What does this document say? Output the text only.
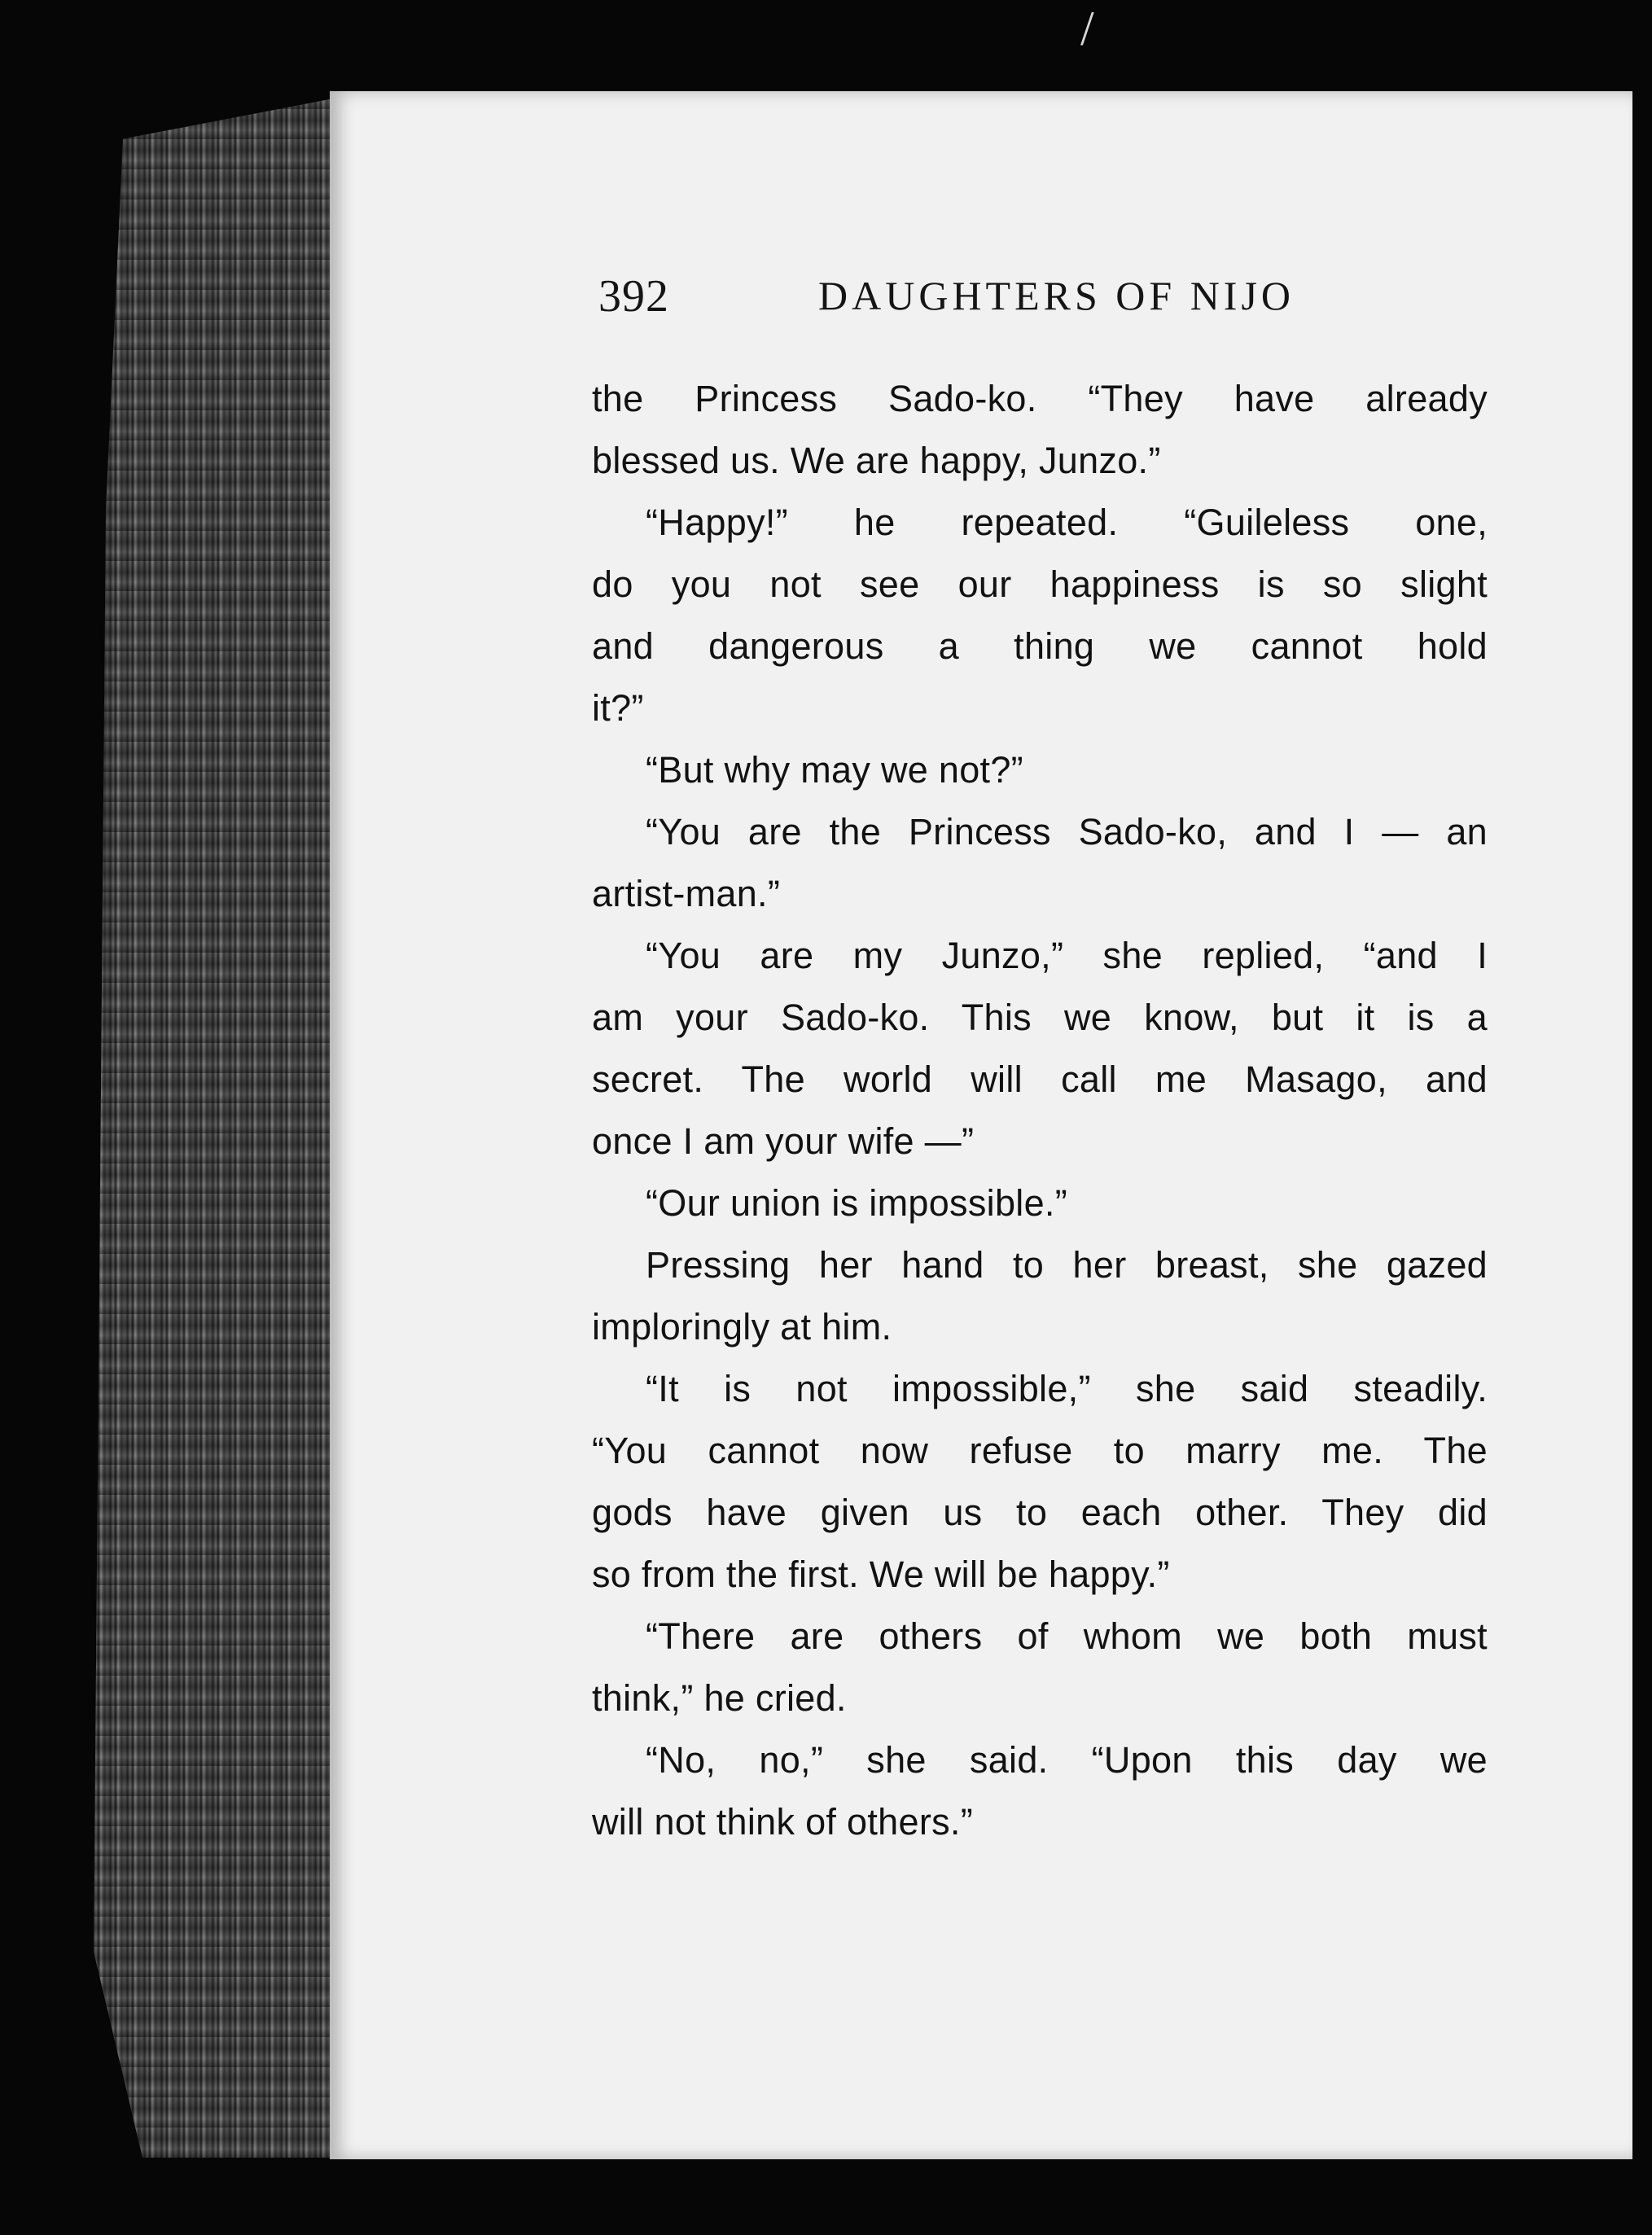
/
392	DAUGHTERS OF NIJO
the Princess Sado-ko. “They have already
blessed us. We are happy, Junzo.”
“Happy!” he repeated. “Guileless one,
do you not see our happiness is so slight
and dangerous a thing we cannot hold
it?”
“But why may we not?”
“You are the Princess Sado-ko, and I — an
artist-man.”
“You are my Junzo,” she replied, “and I
am your Sado-ko. This we know, but it is a
secret. The world will call me Masago, and
once I am your wife —”
“Our union is impossible.”
Pressing her hand to her breast, she gazed
imploringly at him.
“It is not impossible,” she said steadily.
“You cannot now refuse to marry me. The
gods have given us to each other. They did
so from the first. We will be happy.”
“There are others of whom we both must
think,” he cried.
“No, no,” she said. “Upon this day we
will not think of others.”
